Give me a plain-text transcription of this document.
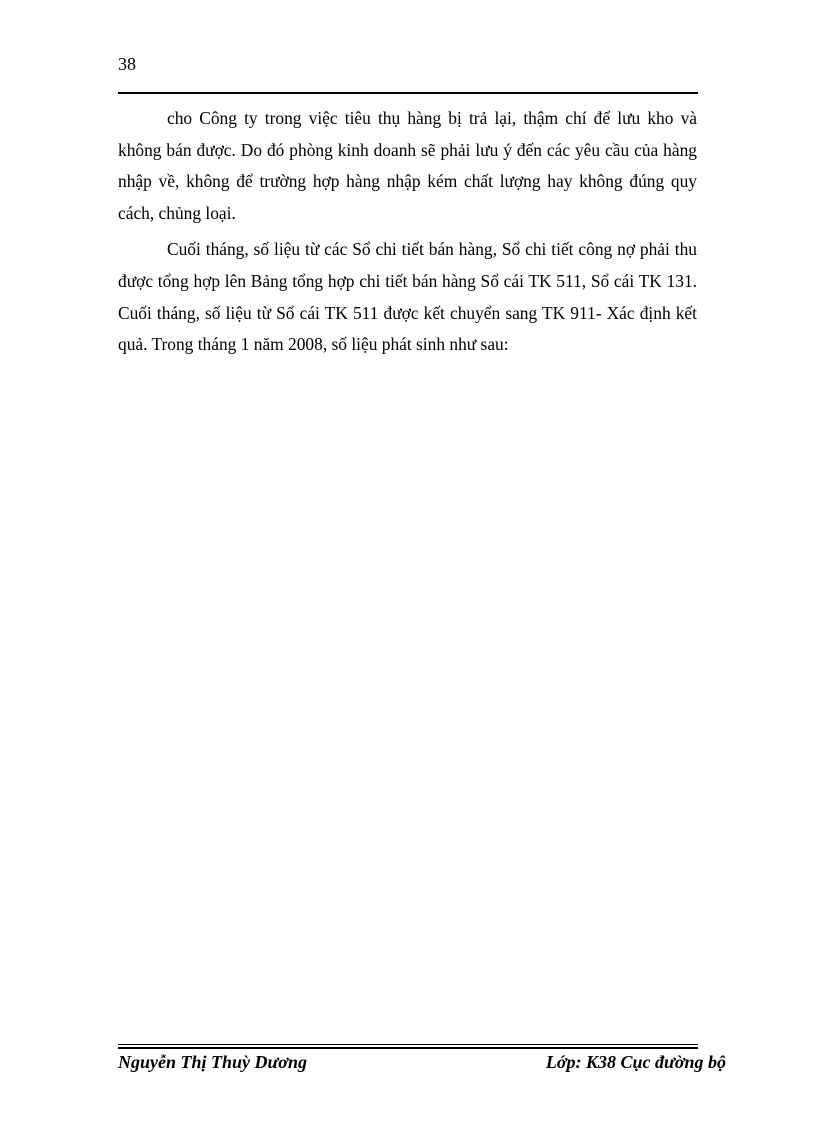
38

cho Công ty trong việc tiêu thụ hàng bị trả lại, thậm chí để lưu kho và không bán được. Do đó phòng kinh doanh sẽ phải lưu ý đến các yêu cầu của hàng nhập về, không để trường hợp hàng nhập kém chất lượng hay không đúng quy cách, chủng loại.

Cuối tháng, số liệu từ các Sổ chi tiết bán hàng, Sổ chi tiết công nợ phải thu được tổng hợp lên Bảng tổng hợp chi tiết bán hàng Sổ cái TK 511, Sổ cái TK 131. Cuối tháng, số liệu từ Sổ cái TK 511 được kết chuyển sang TK 911- Xác định kết quả. Trong tháng 1 năm 2008, số liệu phát sinh như sau:

Nguyễn Thị Thuỳ Dương	Lớp: K38 Cục đường bộ
